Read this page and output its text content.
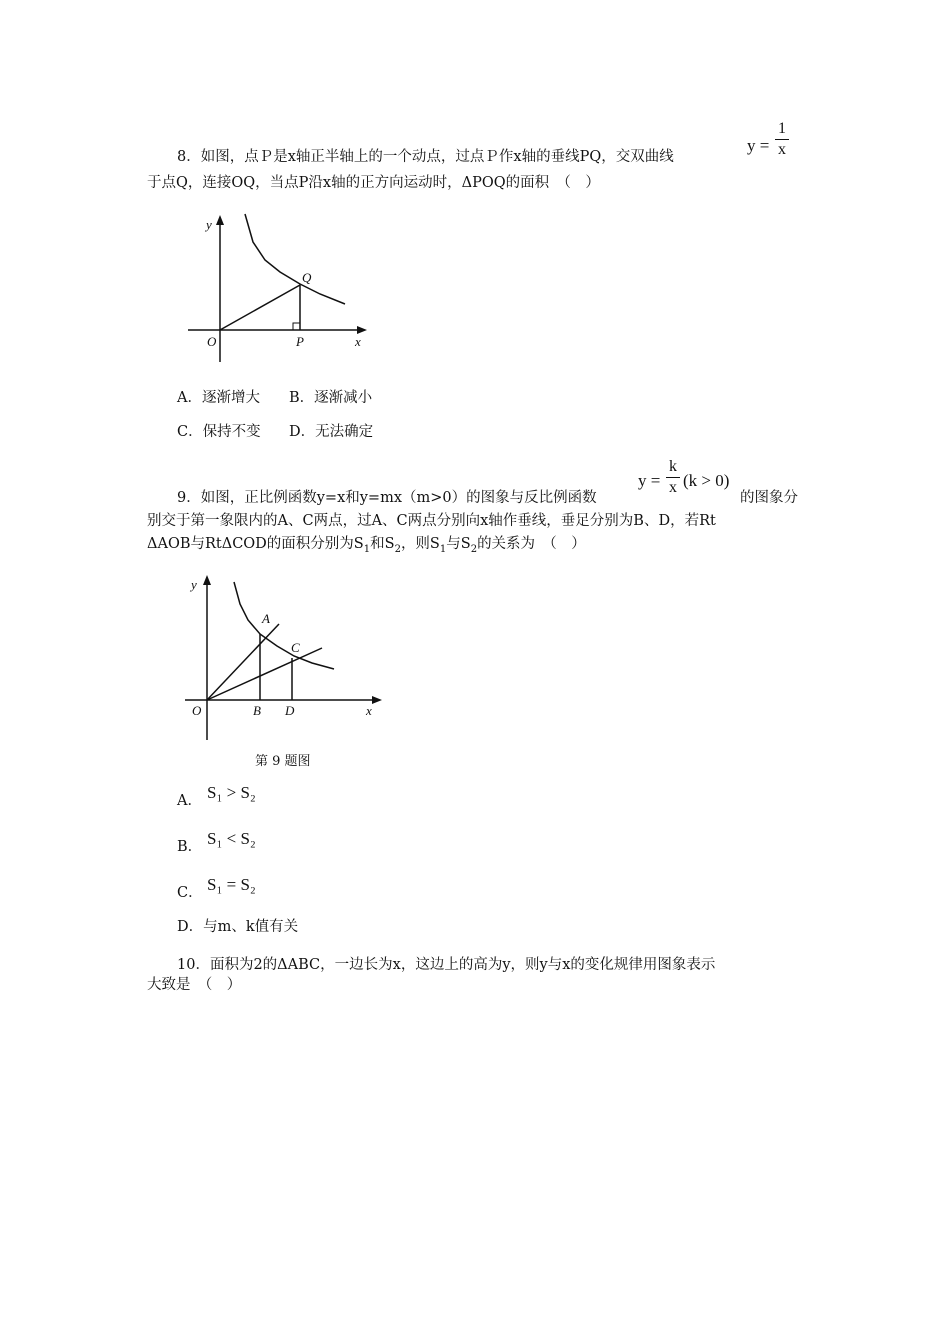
8．如图，点Ｐ是x轴正半轴上的一个动点，过点Ｐ作x轴的垂线PQ，交双曲线
y =
1
x
于点Q，连接OQ，当点P沿x轴的正方向运动时，ΔPOQ的面积　（　）
y
Q
O	P	x
A．逐渐增大 B．逐渐减小
C．保持不变 D．无法确定
9．如图，正比例函数y=x和y=mx（m>0）的图象与反比例函数
y =
k
x (k > 0)
的图象分
别交于第一象限内的A、C两点，过A、C两点分别向x轴作垂线，垂足分别为B、D，若Rt
ΔAOB与RtΔCOD的面积分别为$S_1$和$S_2$，则$S_1$与$S_2$的关系为　（　）
y
A
C
O	B D	x
第 9 题图
A． S₁ > S₂
B． S₁ < S₂
C． S₁ = S₂
D．与m、k值有关
10．面积为2的ΔABC，一边长为x，这边上的高为y，则y与x的变化规律用图象表示
大致是　（　）
